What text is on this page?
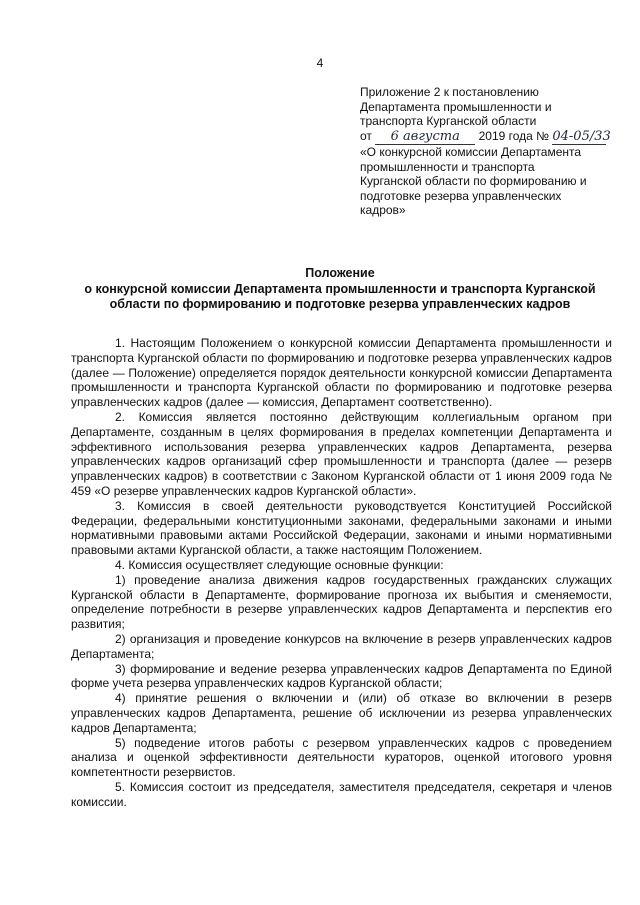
4
Приложение 2 к постановлению
Департамента промышленности и
транспорта Курганской области
от 6 августа 2019 года № 04-05/33
«О конкурсной комиссии Департамента
промышленности и транспорта
Курганской области по формированию и
подготовке резерва управленческих
кадров»
Положение
о конкурсной комиссии Департамента промышленности и транспорта Курганской
области по формированию и подготовке резерва управленческих кадров

1. Настоящим Положением о конкурсной комиссии Департамента промышленности и транспорта Курганской области по формированию и подготовке резерва управленческих кадров (далее — Положение) определяется порядок деятельности конкурсной комиссии Департамента промышленности и транспорта Курганской области по формированию и подготовке резерва управленческих кадров (далее — комиссия, Департамент соответственно).

2. Комиссия является постоянно действующим коллегиальным органом при Департаменте, созданным в целях формирования в пределах компетенции Департамента и эффективного использования резерва управленческих кадров Департамента, резерва управленческих кадров организаций сфер промышленности и транспорта (далее — резерв управленческих кадров) в соответствии с Законом Курганской области от 1 июня 2009 года № 459 «О резерве управленческих кадров Курганской области».

3. Комиссия в своей деятельности руководствуется Конституцией Российской Федерации, федеральными конституционными законами, федеральными законами и иными нормативными правовыми актами Российской Федерации, законами и иными нормативными правовыми актами Курганской области, а также настоящим Положением.

4. Комиссия осуществляет следующие основные функции:

1) проведение анализа движения кадров государственных гражданских служащих Курганской области в Департаменте, формирование прогноза их выбытия и сменяемости, определение потребности в резерве управленческих кадров Департамента и перспектив его развития;

2) организация и проведение конкурсов на включение в резерв управленческих кадров Департамента;

3) формирование и ведение резерва управленческих кадров Департамента по Единой форме учета резерва управленческих кадров Курганской области;

4) принятие решения о включении и (или) об отказе во включении в резерв управленческих кадров Департамента, решение об исключении из резерва управленческих кадров Департамента;

5) подведение итогов работы с резервом управленческих кадров с проведением анализа и оценкой эффективности деятельности кураторов, оценкой итогового уровня компетентности резервистов.

5. Комиссия состоит из председателя, заместителя председателя, секретаря и членов комиссии.
